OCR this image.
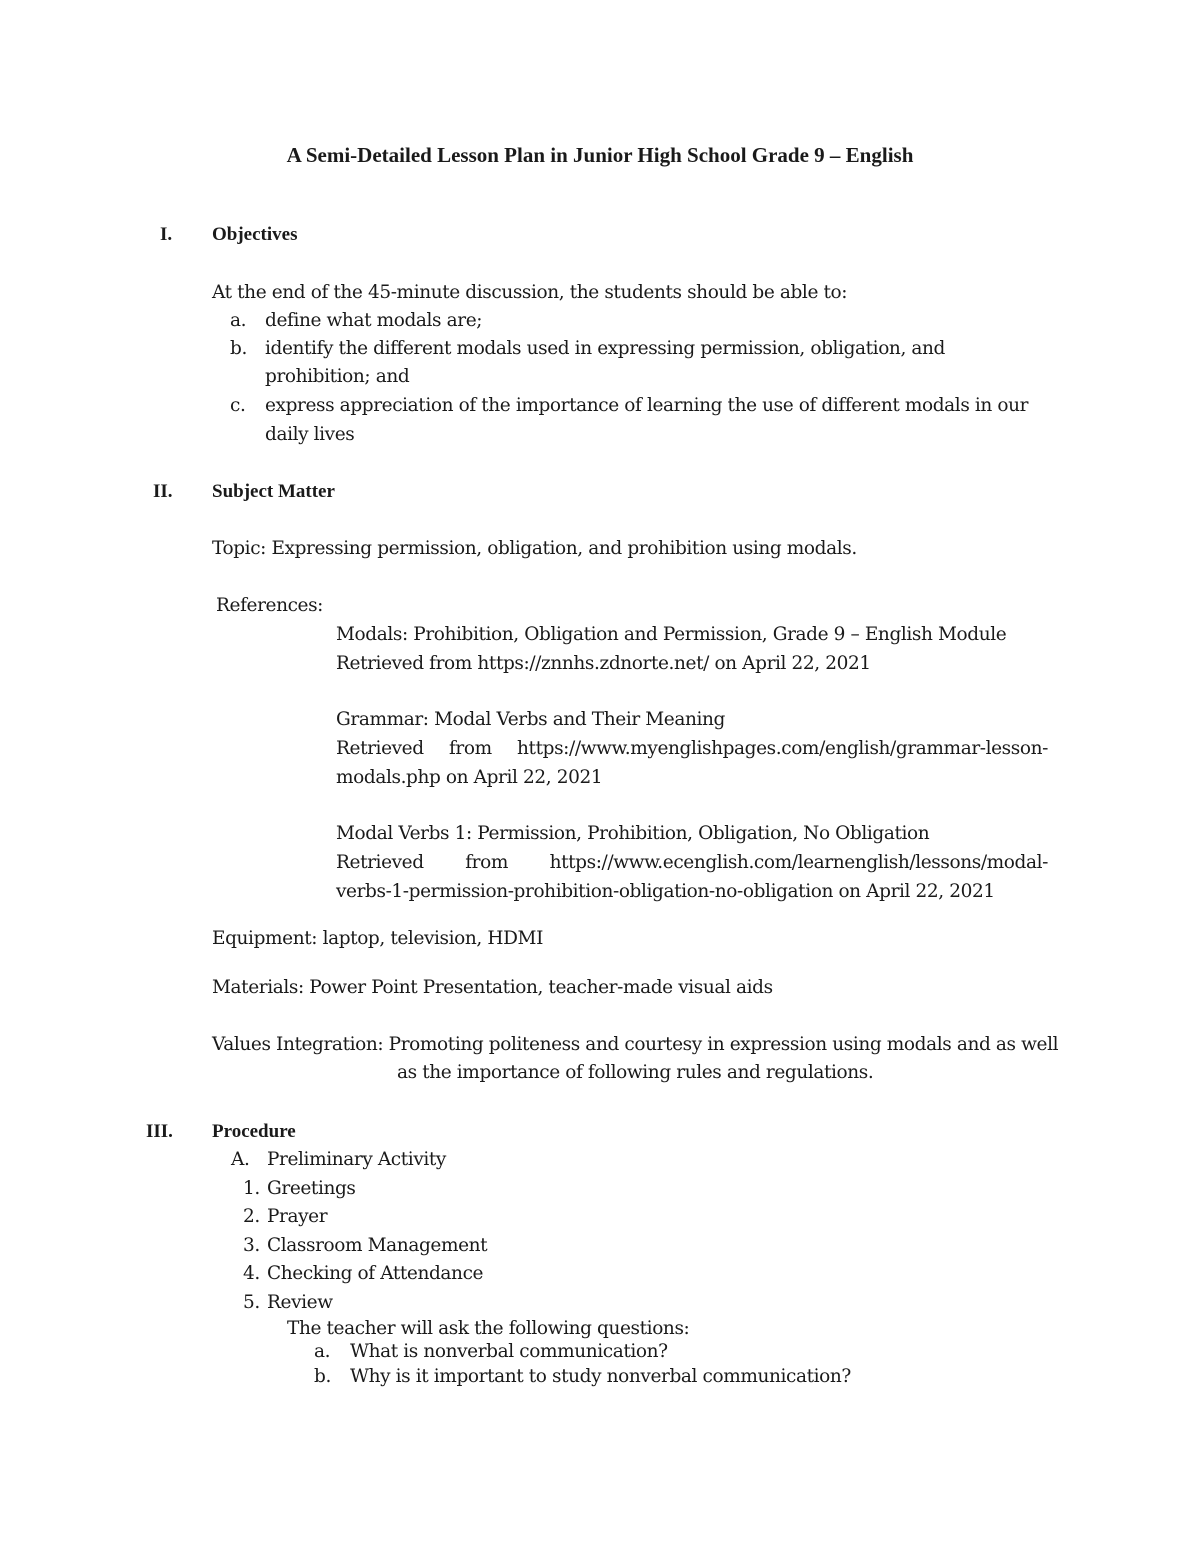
A Semi-Detailed Lesson Plan in Junior High School Grade 9 – English
I. Objectives
At the end of the 45-minute discussion, the students should be able to:
a. define what modals are;
b. identify the different modals used in expressing permission, obligation, and
prohibition; and
c. express appreciation of the importance of learning the use of different modals in our
daily lives
II. Subject Matter
Topic: Expressing permission, obligation, and prohibition using modals.
References:
Modals: Prohibition, Obligation and Permission, Grade 9 – English Module
Retrieved from https://znnhs.zdnorte.net/ on April 22, 2021
Grammar: Modal Verbs and Their Meaning
Retrieved from https://www.myenglishpages.com/english/grammar-lesson-
modals.php on April 22, 2021
Modal Verbs 1: Permission, Prohibition, Obligation, No Obligation
Retrieved from https://www.ecenglish.com/learnenglish/lessons/modal-
verbs-1-permission-prohibition-obligation-no-obligation on April 22, 2021
Equipment: laptop, television, HDMI
Materials: Power Point Presentation, teacher-made visual aids
Values Integration: Promoting politeness and courtesy in expression using modals and as well
as the importance of following rules and regulations.
III. Procedure
A. Preliminary Activity
1. Greetings
2. Prayer
3. Classroom Management
4. Checking of Attendance
5. Review
The teacher will ask the following questions:
a. What is nonverbal communication?
b. Why is it important to study nonverbal communication?
